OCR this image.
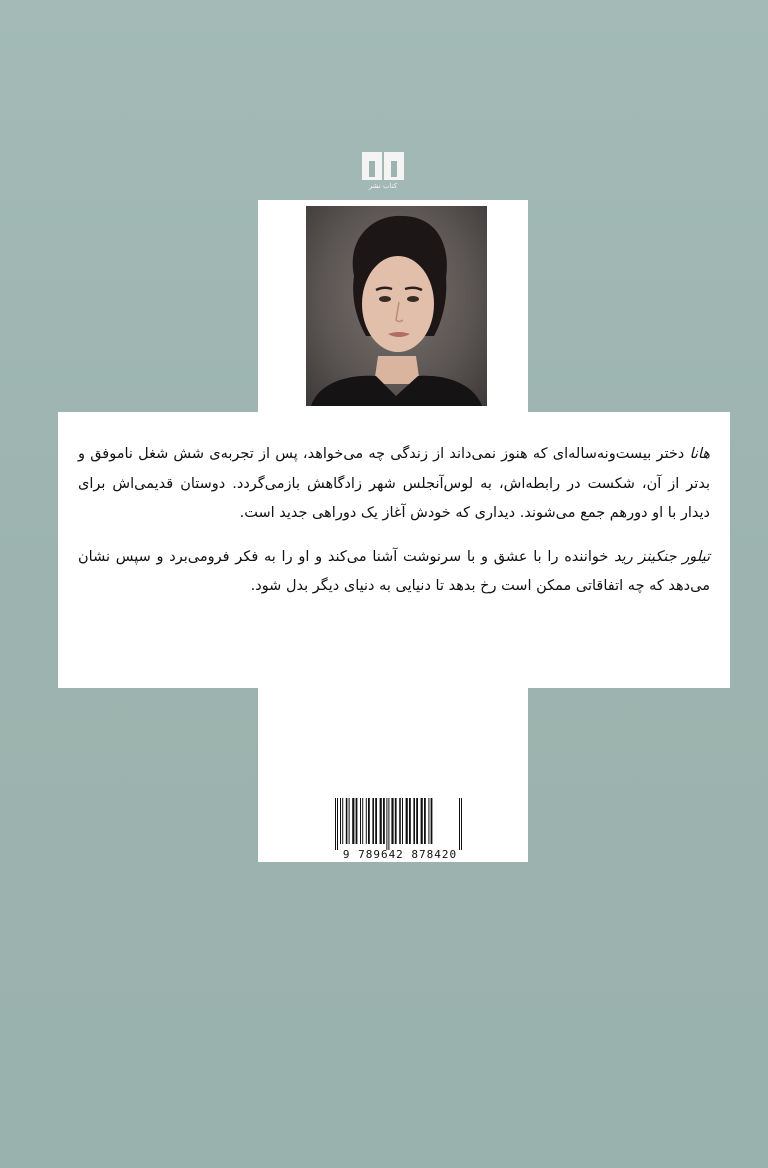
کتاب نشر

هانا دختر بیست‌ونه‌ساله‌ای که هنوز نمی‌داند از زندگی چه می‌خواهد، پس از تجربه‌ی شش شغل ناموفق و بدتر از آن، شکست در رابطه‌اش، به لوس‌آنجلس شهر زادگاهش بازمی‌گردد. دوستان قدیمی‌اش برای دیدار با او دورهم جمع می‌شوند. دیداری که خودش آغاز یک دوراهی جدید است.

تیلور جنکینز رید خواننده را با عشق و با سرنوشت آشنا می‌کند و او را به فکر فرومی‌برد و سپس نشان می‌دهد که چه اتفاقاتی ممکن است رخ بدهد تا دنیایی به دنیای دیگر بدل شود.

9 789642 878420
